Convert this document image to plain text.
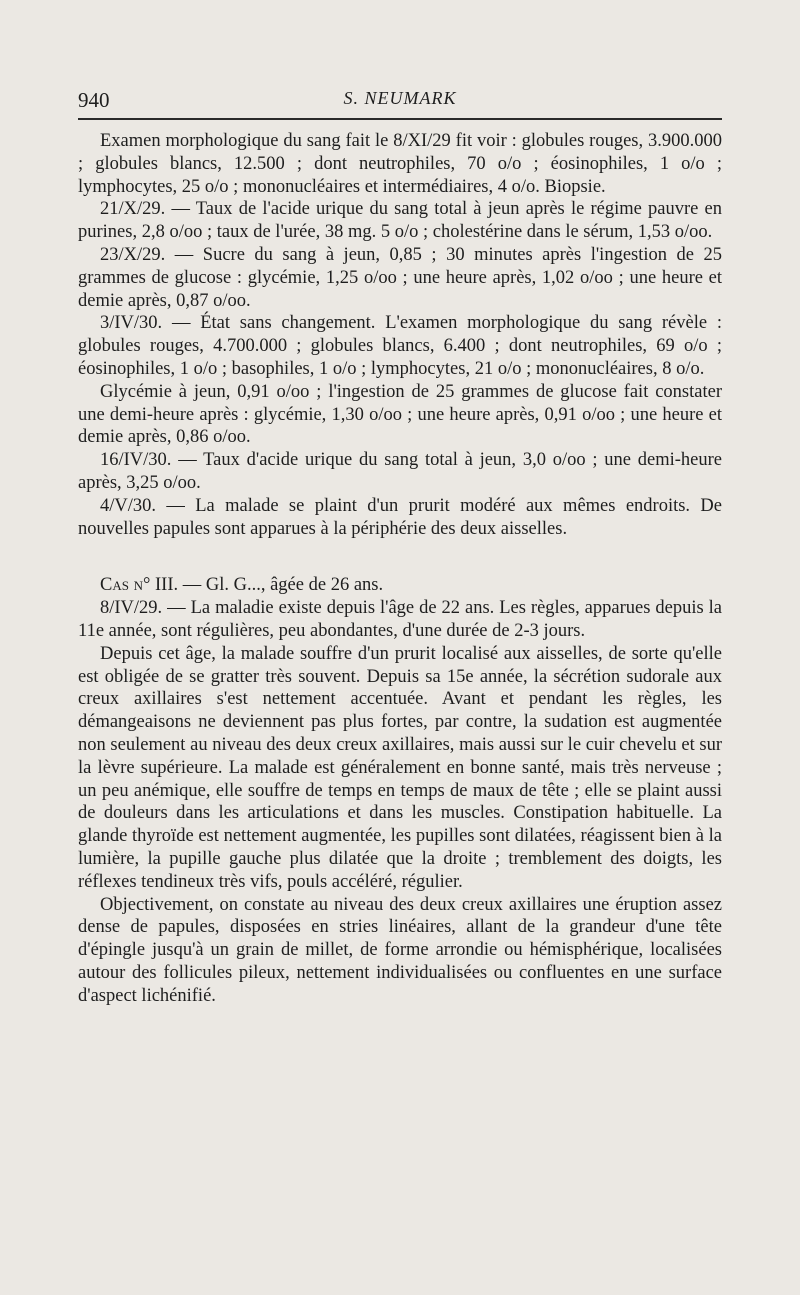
940	S. NEUMARK

Examen morphologique du sang fait le 8/XI/29 fit voir : globules rouges, 3.900.000 ; globules blancs, 12.500 ; dont neutrophiles, 70 o/o ; éosinophiles, 1 o/o ; lymphocytes, 25 o/o ; mononucléaires et intermédiaires, 4 o/o. Biopsie.

21/X/29. — Taux de l'acide urique du sang total à jeun après le régime pauvre en purines, 2,8 o/oo ; taux de l'urée, 38 mg. 5 o/o ; cholestérine dans le sérum, 1,53 o/oo.

23/X/29. — Sucre du sang à jeun, 0,85 ; 30 minutes après l'ingestion de 25 grammes de glucose : glycémie, 1,25 o/oo ; une heure après, 1,02 o/oo ; une heure et demie après, 0,87 o/oo.

3/IV/30. — État sans changement. L'examen morphologique du sang révèle : globules rouges, 4.700.000 ; globules blancs, 6.400 ; dont neutrophiles, 69 o/o ; éosinophiles, 1 o/o ; basophiles, 1 o/o ; lymphocytes, 21 o/o ; mononucléaires, 8 o/o.

Glycémie à jeun, 0,91 o/oo ; l'ingestion de 25 grammes de glucose fait constater une demi-heure après : glycémie, 1,30 o/oo ; une heure après, 0,91 o/oo ; une heure et demie après, 0,86 o/oo.

16/IV/30. — Taux d'acide urique du sang total à jeun, 3,0 o/oo ; une demi-heure après, 3,25 o/oo.

4/V/30. — La malade se plaint d'un prurit modéré aux mêmes endroits. De nouvelles papules sont apparues à la périphérie des deux aisselles.

Cas n° III. — Gl. G..., âgée de 26 ans.

8/IV/29. — La maladie existe depuis l'âge de 22 ans. Les règles, apparues depuis la 11e année, sont régulières, peu abondantes, d'une durée de 2-3 jours.

Depuis cet âge, la malade souffre d'un prurit localisé aux aisselles, de sorte qu'elle est obligée de se gratter très souvent. Depuis sa 15e année, la sécrétion sudorale aux creux axillaires s'est nettement accentuée. Avant et pendant les règles, les démangeaisons ne deviennent pas plus fortes, par contre, la sudation est augmentée non seulement au niveau des deux creux axillaires, mais aussi sur le cuir chevelu et sur la lèvre supérieure. La malade est généralement en bonne santé, mais très nerveuse ; un peu anémique, elle souffre de temps en temps de maux de tête ; elle se plaint aussi de douleurs dans les articulations et dans les muscles. Constipation habituelle. La glande thyroïde est nettement augmentée, les pupilles sont dilatées, réagissent bien à la lumière, la pupille gauche plus dilatée que la droite ; tremblement des doigts, les réflexes tendineux très vifs, pouls accéléré, régulier.

Objectivement, on constate au niveau des deux creux axillaires une éruption assez dense de papules, disposées en stries linéaires, allant de la grandeur d'une tête d'épingle jusqu'à un grain de millet, de forme arrondie ou hémisphérique, localisées autour des follicules pileux, nettement individualisées ou confluentes en une surface d'aspect lichénifié.
